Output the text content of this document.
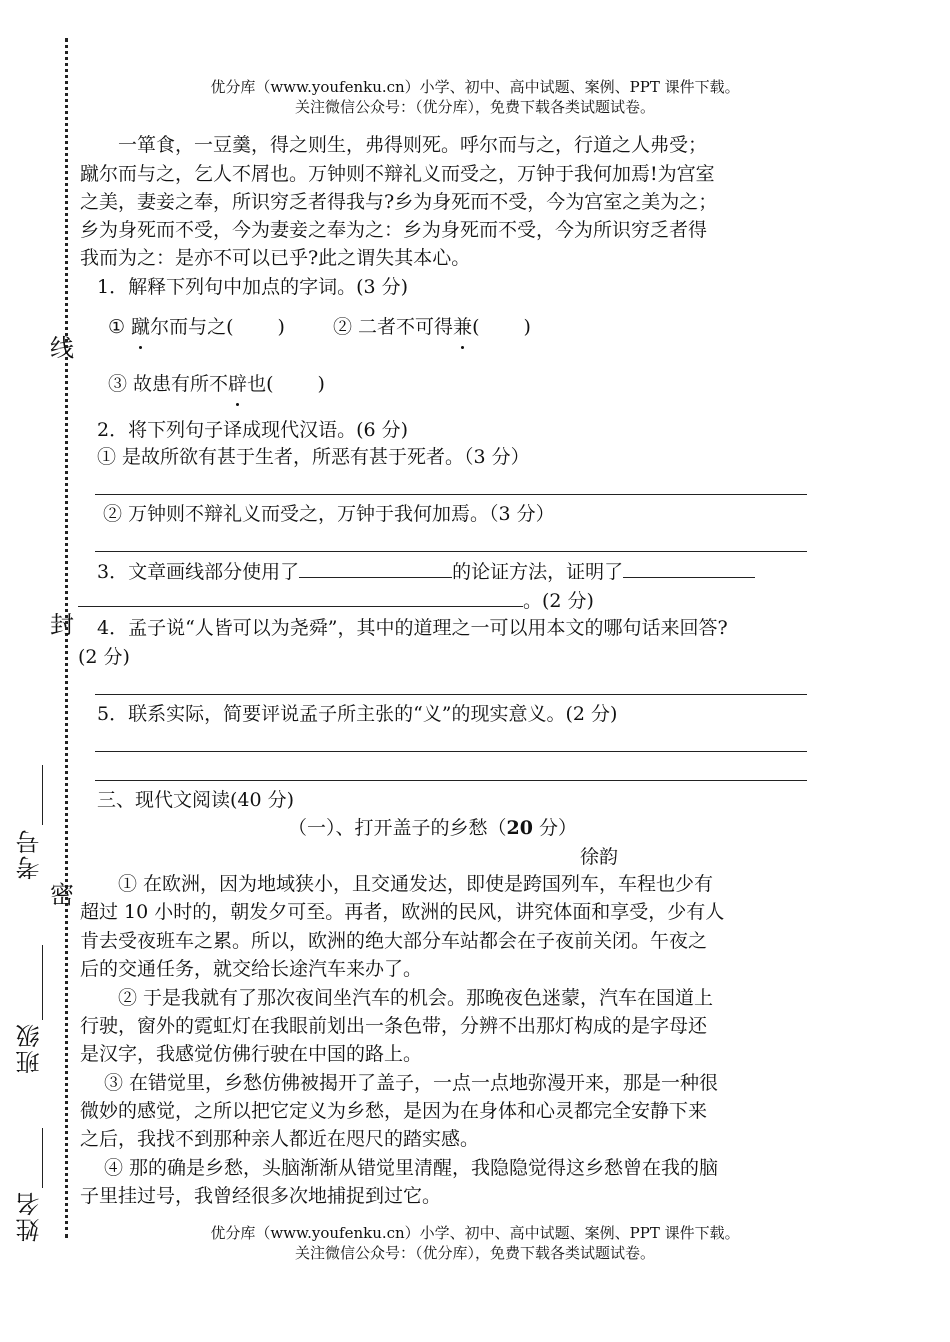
优分库（www.youfenku.cn）小学、初中、高中试题、案例、PPT 课件下载。
关注微信公众号：（优分库），免费下载各类试题试卷。
线
封
密
考号
班级
姓名
一箪食，一豆羹，得之则生，弗得则死。呼尔而与之，行道之人弗受；
蹴尔而与之，乞人不屑也。万钟则不辩礼义而受之，万钟于我何加焉!为宫室
之美，妻妾之奉，所识穷乏者得我与?乡为身死而不受，今为宫室之美为之；
乡为身死而不受，今为妻妾之奉为之：乡为身死而不受，今为所识穷乏者得
我而为之：是亦不可以已乎?此之谓失其本心。
1．解释下列句中加点的字词。(3 分)
① 蹴尔而与之(　　 )	② 二者不可得兼(　　 )
③ 故患有所不辟也(　　 )
2．将下列句子译成现代汉语。(6 分)
① 是故所欲有甚于生者，所恶有甚于死者。（3 分）
② 万钟则不辩礼义而受之，万钟于我何加焉。（3 分）
3．文章画线部分使用了	的论证方法，证明了
。(2 分)
4．孟子说“人皆可以为尧舜”，其中的道理之一可以用本文的哪句话来回答?
(2 分)
5．联系实际，简要评说孟子所主张的“义”的现实意义。(2 分)
三、现代文阅读(40 分)
（一）、打开盖子的乡愁（20 分）
徐韵
① 在欧洲，因为地域狭小，且交通发达，即使是跨国列车，车程也少有
超过 10 小时的，朝发夕可至。再者，欧洲的民风，讲究体面和享受，少有人
肯去受夜班车之累。所以，欧洲的绝大部分车站都会在子夜前关闭。午夜之
后的交通任务，就交给长途汽车来办了。
② 于是我就有了那次夜间坐汽车的机会。那晚夜色迷蒙，汽车在国道上
行驶，窗外的霓虹灯在我眼前划出一条色带，分辨不出那灯构成的是字母还
是汉字，我感觉仿佛行驶在中国的路上。
③ 在错觉里，乡愁仿佛被揭开了盖子，一点一点地弥漫开来，那是一种很
微妙的感觉，之所以把它定义为乡愁，是因为在身体和心灵都完全安静下来
之后，我找不到那种亲人都近在咫尺的踏实感。
④ 那的确是乡愁，头脑渐渐从错觉里清醒，我隐隐觉得这乡愁曾在我的脑
子里挂过号，我曾经很多次地捕捉到过它。
优分库（www.youfenku.cn）小学、初中、高中试题、案例、PPT 课件下载。
关注微信公众号：（优分库），免费下载各类试题试卷。
